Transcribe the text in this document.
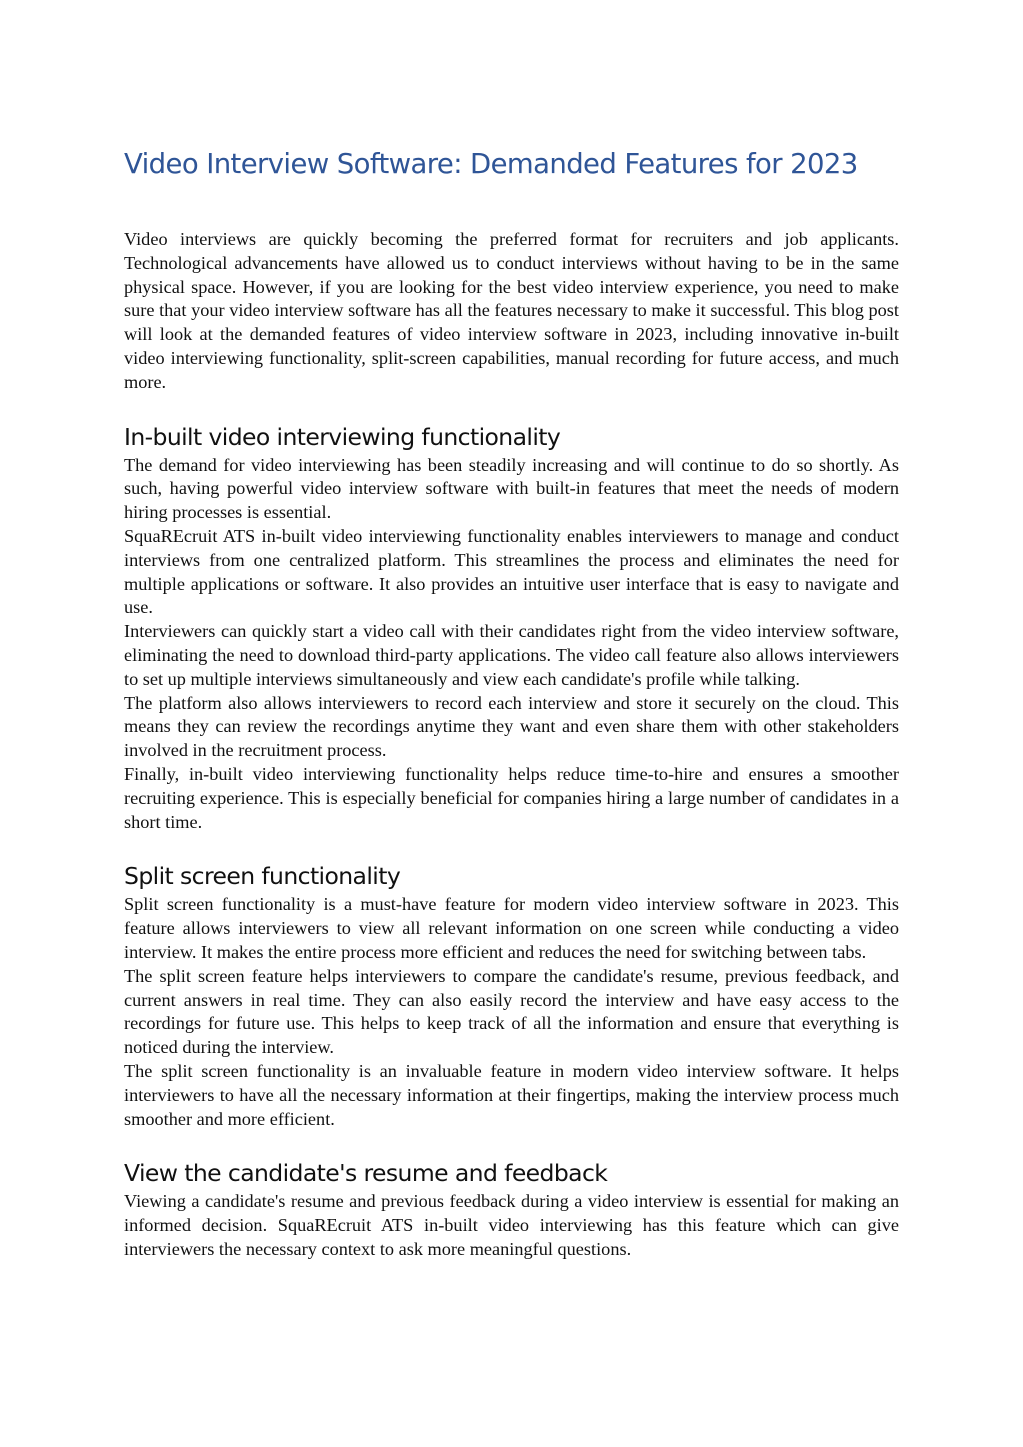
Video Interview Software: Demanded Features for 2023

Video interviews are quickly becoming the preferred format for recruiters and job applicants. Technological advancements have allowed us to conduct interviews without having to be in the same physical space. However, if you are looking for the best video interview experience, you need to make sure that your video interview software has all the features necessary to make it successful. This blog post will look at the demanded features of video interview software in 2023, including innovative in-built video interviewing functionality, split-screen capabilities, manual recording for future access, and much more.

In-built video interviewing functionality

The demand for video interviewing has been steadily increasing and will continue to do so shortly. As such, having powerful video interview software with built-in features that meet the needs of modern hiring processes is essential.

SquaREcruit ATS in-built video interviewing functionality enables interviewers to manage and conduct interviews from one centralized platform. This streamlines the process and eliminates the need for multiple applications or software. It also provides an intuitive user interface that is easy to navigate and use.

Interviewers can quickly start a video call with their candidates right from the video interview software, eliminating the need to download third-party applications. The video call feature also allows interviewers to set up multiple interviews simultaneously and view each candidate's profile while talking.

The platform also allows interviewers to record each interview and store it securely on the cloud. This means they can review the recordings anytime they want and even share them with other stakeholders involved in the recruitment process.

Finally, in-built video interviewing functionality helps reduce time-to-hire and ensures a smoother recruiting experience. This is especially beneficial for companies hiring a large number of candidates in a short time.

Split screen functionality

Split screen functionality is a must-have feature for modern video interview software in 2023. This feature allows interviewers to view all relevant information on one screen while conducting a video interview. It makes the entire process more efficient and reduces the need for switching between tabs.

The split screen feature helps interviewers to compare the candidate's resume, previous feedback, and current answers in real time. They can also easily record the interview and have easy access to the recordings for future use. This helps to keep track of all the information and ensure that everything is noticed during the interview.

The split screen functionality is an invaluable feature in modern video interview software. It helps interviewers to have all the necessary information at their fingertips, making the interview process much smoother and more efficient.

View the candidate's resume and feedback

Viewing a candidate's resume and previous feedback during a video interview is essential for making an informed decision. SquaREcruit ATS in-built video interviewing has this feature which can give interviewers the necessary context to ask more meaningful questions.
